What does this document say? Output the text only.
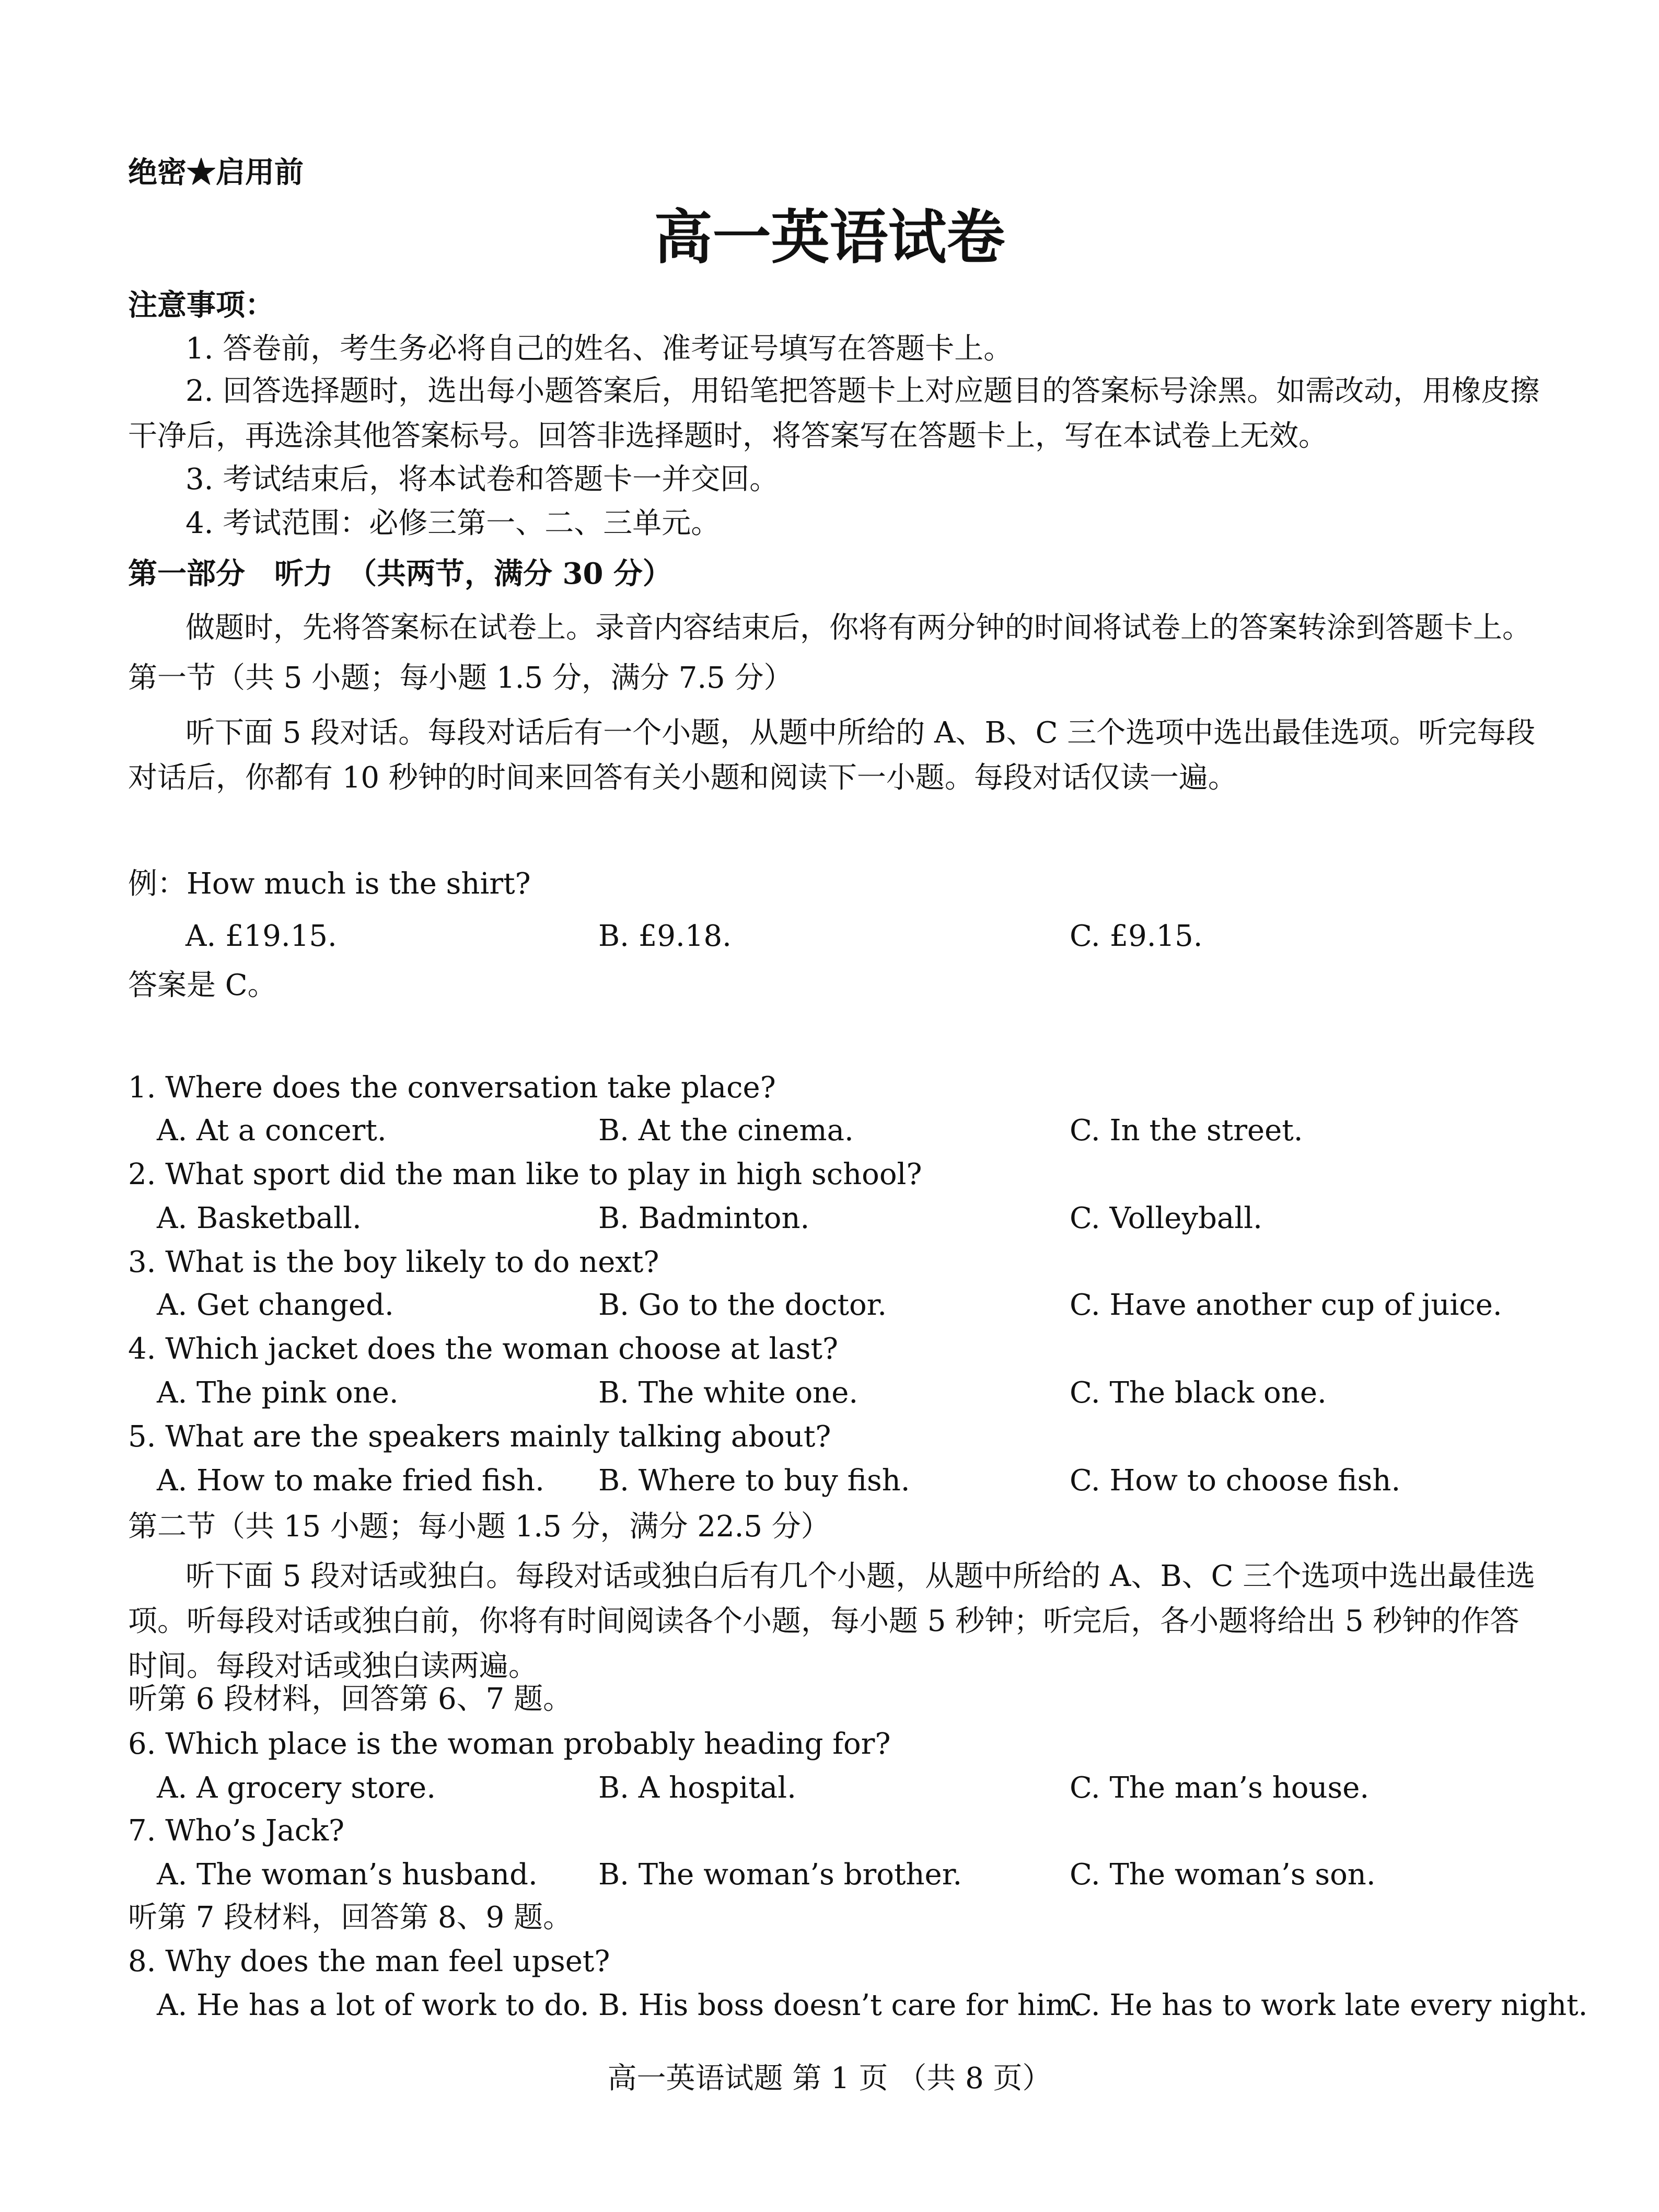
绝密★启用前
高一英语试卷
注意事项：
1. 答卷前，考生务必将自己的姓名、准考证号填写在答题卡上。
2. 回答选择题时，选出每小题答案后，用铅笔把答题卡上对应题目的答案标号涂黑。如需改动，用橡皮擦干净后，再选涂其他答案标号。回答非选择题时，将答案写在答题卡上，写在本试卷上无效。
3. 考试结束后，将本试卷和答题卡一并交回。
4. 考试范围：必修三第一、二、三单元。
第一部分　听力　（共两节，满分 30 分）
做题时，先将答案标在试卷上。录音内容结束后，你将有两分钟的时间将试卷上的答案转涂到答题卡上。
第一节（共 5 小题；每小题 1.5 分，满分 7.5 分）
听下面 5 段对话。每段对话后有一个小题，从题中所给的 A、B、C 三个选项中选出最佳选项。听完每段对话后，你都有 10 秒钟的时间来回答有关小题和阅读下一小题。每段对话仅读一遍。
例：How much is the shirt?
A. £19.15.	B. £9.18.	C. £9.15.
答案是 C。
1. Where does the conversation take place?
A. At a concert.	B. At the cinema.	C. In the street.
2. What sport did the man like to play in high school?
A. Basketball.	B. Badminton.	C. Volleyball.
3. What is the boy likely to do next?
A. Get changed.	B. Go to the doctor.	C. Have another cup of juice.
4. Which jacket does the woman choose at last?
A. The pink one.	B. The white one.	C. The black one.
5. What are the speakers mainly talking about?
A. How to make fried fish. B. Where to buy fish.	C. How to choose fish.
第二节（共 15 小题；每小题 1.5 分，满分 22.5 分）
听下面 5 段对话或独白。每段对话或独白后有几个小题，从题中所给的 A、B、C 三个选项中选出最佳选项。听每段对话或独白前，你将有时间阅读各个小题，每小题 5 秒钟；听完后，各小题将给出 5 秒钟的作答时间。每段对话或独白读两遍。
听第 6 段材料，回答第 6、7 题。
6. Which place is the woman probably heading for?
A. A grocery store.	B. A hospital.	C. The man’s house.
7. Who’s Jack?
A. The woman’s husband. B. The woman’s brother.	C. The woman’s son.
听第 7 段材料，回答第 8、9 题。
8. Why does the man feel upset?
A. He has a lot of work to do. B. His boss doesn’t care for him.
C. He has to work late every night.
高一英语试题 第 1 页 （共 8 页）
